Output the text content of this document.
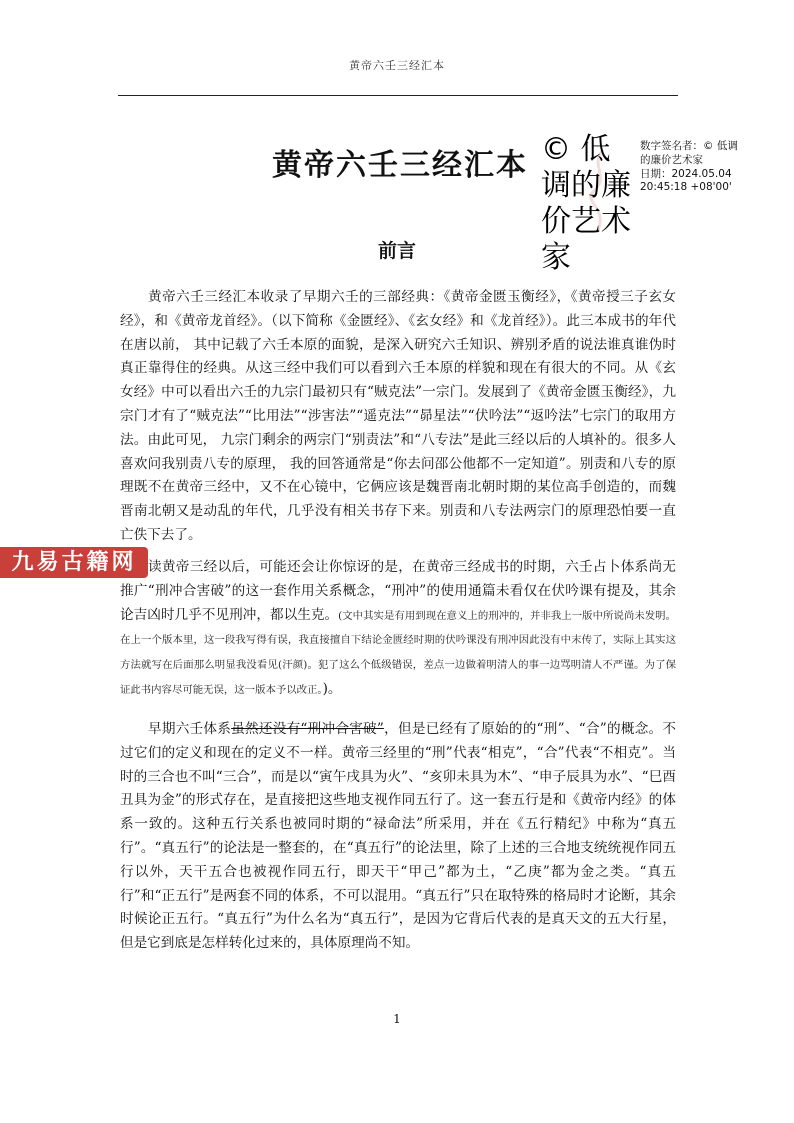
黄帝六壬三经汇本
黄帝六壬三经汇本 © 低调的廉价艺术家
数字签名者：© 低调的廉价艺术家
日期：2024.05.04 20:45:18 +08'00'
前言

黄帝六壬三经汇本收录了早期六壬的三部经典：《黄帝金匮玉衡经》，《黄帝授三子玄女经》，和《黄帝龙首经》。（以下简称《金匮经》、《玄女经》和《龙首经》）。此三本成书的年代在唐以前， 其中记载了六壬本原的面貌，是深入研究六壬知识、辨别矛盾的说法谁真谁伪时真正靠得住的经典。从这三经中我们可以看到六壬本原的样貌和现在有很大的不同。从《玄女经》中可以看出六壬的九宗门最初只有“贼克法”一宗门。发展到了《黄帝金匮玉衡经》，九宗门才有了“贼克法”“比用法”“涉害法”“遥克法”“昴星法”“伏吟法”“返吟法”七宗门的取用方法。由此可见， 九宗门剩余的两宗门“别责法”和“八专法”是此三经以后的人填补的。很多人喜欢问我别责八专的原理， 我的回答通常是“你去问邵公他都不一定知道”。别责和八专的原理既不在黄帝三经中，又不在心镜中，它俩应该是魏晋南北朝时期的某位高手创造的，而魏晋南北朝又是动乱的年代，几乎没有相关书存下来。别责和八专法两宗门的原理恐怕要一直亡佚下去了。

读黄帝三经以后，可能还会让你惊讶的是，在黄帝三经成书的时期，六壬占卜体系尚无推广“刑冲合害破”的这一套作用关系概念，“刑冲”的使用通篇未看仅在伏吟课有提及，其余论吉凶时几乎不见刑冲，都以生克。(文中其实是有用到现在意义上的刑冲的，并非我上一版中所说尚未发明。在上一个版本里，这一段我写得有误，我直接擅自下结论金匮经时期的伏吟课没有刑冲因此没有中末传了，实际上其实这方法就写在后面那么明显我没看见(汗颜)。犯了这么个低级错误，差点一边做着明清人的事一边骂明清人不严谨。为了保证此书内容尽可能无误，这一版本予以改正。)。

早期六壬体系虽然还没有“刑冲合害破”，但是已经有了原始的的“刑”、“合”的概念。不过它们的定义和现在的定义不一样。黄帝三经里的“刑”代表“相克”，“合”代表“不相克”。当时的三合也不叫“三合”，而是以“寅午戌具为火”、“亥卯未具为木”、“申子辰具为水”、“巳酉丑具为金”的形式存在，是直接把这些地支视作同五行了。这一套五行是和《黄帝内经》的体系一致的。这种五行关系也被同时期的“禄命法”所采用，并在《五行精纪》中称为“真五行”。“真五行”的论法是一整套的，在“真五行”的论法里，除了上述的三合地支统统视作同五行以外，天干五合也被视作同五行，即天干“甲己”都为土，“乙庚”都为金之类。“真五行”和“正五行”是两套不同的体系，不可以混用。“真五行”只在取特殊的格局时才论断，其余时候论正五行。“真五行”为什么名为“真五行”，是因为它背后代表的是真天文的五大行星，但是它到底是怎样转化过来的，具体原理尚不知。

九易古籍网
1
